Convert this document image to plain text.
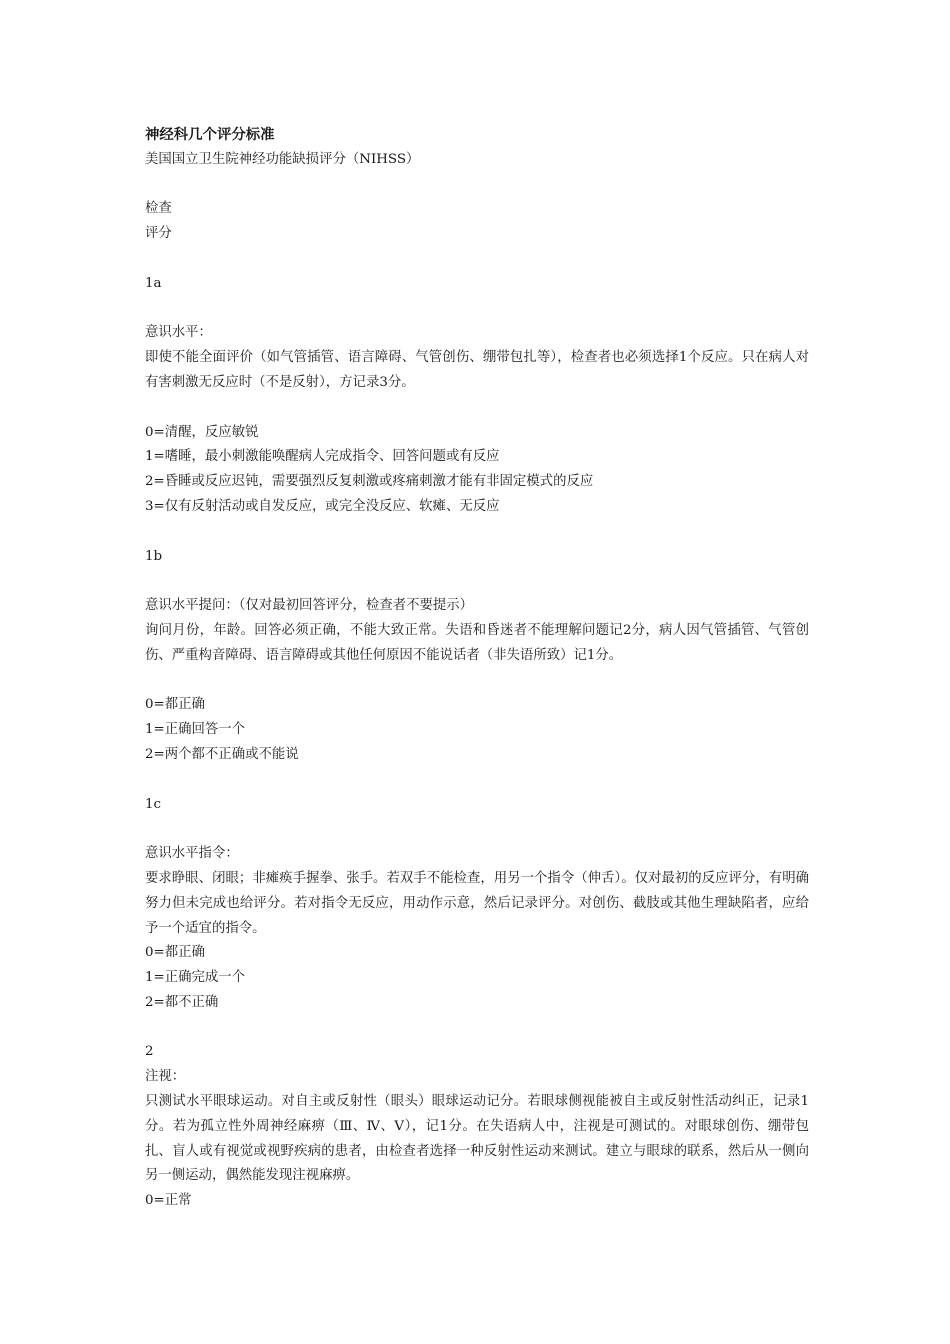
神经科几个评分标准
美国国立卫生院神经功能缺损评分（NIHSS）
检查
评分
1a
意识水平：
即使不能全面评价（如气管插管、语言障碍、气管创伤、绷带包扎等），检查者也必须选择1个反应。只在病人对有害刺激无反应时（不是反射），方记录3分。
0=清醒，反应敏锐
1=嗜睡，最小刺激能唤醒病人完成指令、回答问题或有反应
2=昏睡或反应迟钝，需要强烈反复刺激或疼痛刺激才能有非固定模式的反应
3=仅有反射活动或自发反应，或完全没反应、软瘫、无反应
1b
意识水平提问：（仅对最初回答评分，检查者不要提示）
询问月份，年龄。回答必须正确，不能大致正常。失语和昏迷者不能理解问题记2分，病人因气管插管、气管创伤、严重构音障碍、语言障碍或其他任何原因不能说话者（非失语所致）记1分。
0=都正确
1=正确回答一个
2=两个都不正确或不能说
1c
意识水平指令：
要求睁眼、闭眼；非瘫痪手握拳、张手。若双手不能检查，用另一个指令（伸舌）。仅对最初的反应评分，有明确努力但未完成也给评分。若对指令无反应，用动作示意，然后记录评分。对创伤、截肢或其他生理缺陷者，应给予一个适宜的指令。
0=都正确
1=正确完成一个
2=都不正确
2
注视：
只测试水平眼球运动。对自主或反射性（眼头）眼球运动记分。若眼球侧视能被自主或反射性活动纠正，记录1分。若为孤立性外周神经麻痹（Ⅲ、Ⅳ、Ⅴ），记1分。在失语病人中，注视是可测试的。对眼球创伤、绷带包扎、盲人或有视觉或视野疾病的患者，由检查者选择一种反射性运动来测试。建立与眼球的联系，然后从一侧向另一侧运动，偶然能发现注视麻痹。
0=正常
